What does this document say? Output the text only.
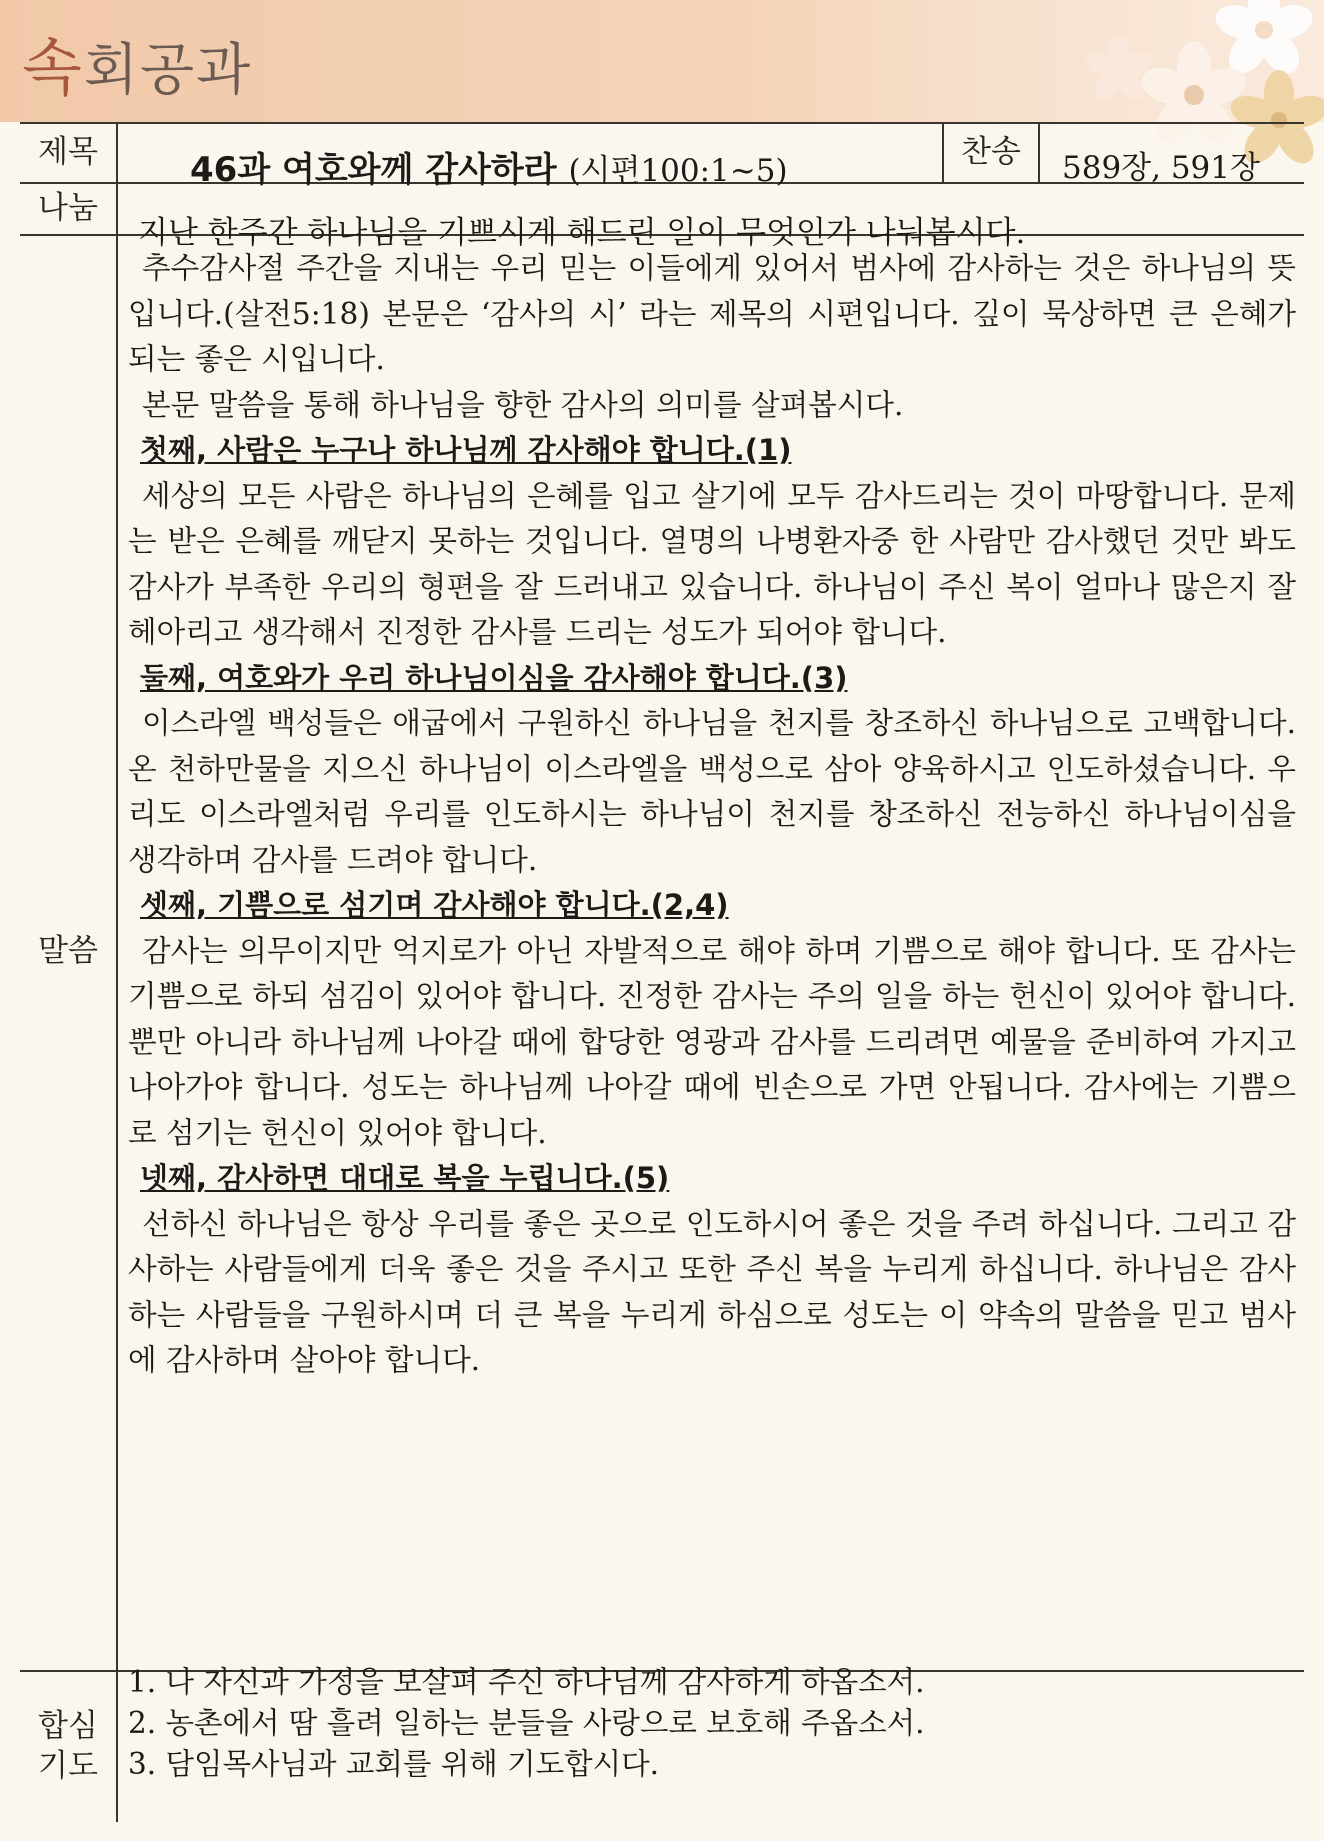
속회공과
제목	46과 여호와께 감사하라 (시편100:1~5)
찬송	589장, 591장
나눔
지난 한주간 하나님을 기쁘시게 해드린 일이 무엇인가 나눠봅시다.
말씀

추수감사절 주간을 지내는 우리 믿는 이들에게 있어서 범사에 감사하는 것은 하나님의 뜻입니다.(살전5:18) 본문은 ‘감사의 시’ 라는 제목의 시편입니다. 깊이 묵상하면 큰 은혜가 되는 좋은 시입니다.

본문 말씀을 통해 하나님을 향한 감사의 의미를 살펴봅시다.

첫째, 사람은 누구나 하나님께 감사해야 합니다.(1)

세상의 모든 사람은 하나님의 은혜를 입고 살기에 모두 감사드리는 것이 마땅합니다. 문제는 받은 은혜를 깨닫지 못하는 것입니다. 열명의 나병환자중 한 사람만 감사했던 것만 봐도 감사가 부족한 우리의 형편을 잘 드러내고 있습니다. 하나님이 주신 복이 얼마나 많은지 잘 헤아리고 생각해서 진정한 감사를 드리는 성도가 되어야 합니다.

둘째, 여호와가 우리 하나님이심을 감사해야 합니다.(3)

이스라엘 백성들은 애굽에서 구원하신 하나님을 천지를 창조하신 하나님으로 고백합니다. 온 천하만물을 지으신 하나님이 이스라엘을 백성으로 삼아 양육하시고 인도하셨습니다. 우리도 이스라엘처럼 우리를 인도하시는 하나님이 천지를 창조하신 전능하신 하나님이심을 생각하며 감사를 드려야 합니다.

셋째, 기쁨으로 섬기며 감사해야 합니다.(2,4)

감사는 의무이지만 억지로가 아닌 자발적으로 해야 하며 기쁨으로 해야 합니다. 또 감사는 기쁨으로 하되 섬김이 있어야 합니다. 진정한 감사는 주의 일을 하는 헌신이 있어야 합니다. 뿐만 아니라 하나님께 나아갈 때에 합당한 영광과 감사를 드리려면 예물을 준비하여 가지고 나아가야 합니다. 성도는 하나님께 나아갈 때에 빈손으로 가면 안됩니다. 감사에는 기쁨으로 섬기는 헌신이 있어야 합니다.

넷째, 감사하면 대대로 복을 누립니다.(5)

선하신 하나님은 항상 우리를 좋은 곳으로 인도하시어 좋은 것을 주려 하십니다. 그리고 감사하는 사람들에게 더욱 좋은 것을 주시고 또한 주신 복을 누리게 하십니다. 하나님은 감사하는 사람들을 구원하시며 더 큰 복을 누리게 하심으로 성도는 이 약속의 말씀을 믿고 범사에 감사하며 살아야 합니다.

합심
기도
1. 나 자신과 가정을 보살펴 주신 하나님께 감사하게 하옵소서.
2. 농촌에서 땀 흘려 일하는 분들을 사랑으로 보호해 주옵소서.
3. 담임목사님과 교회를 위해 기도합시다.
